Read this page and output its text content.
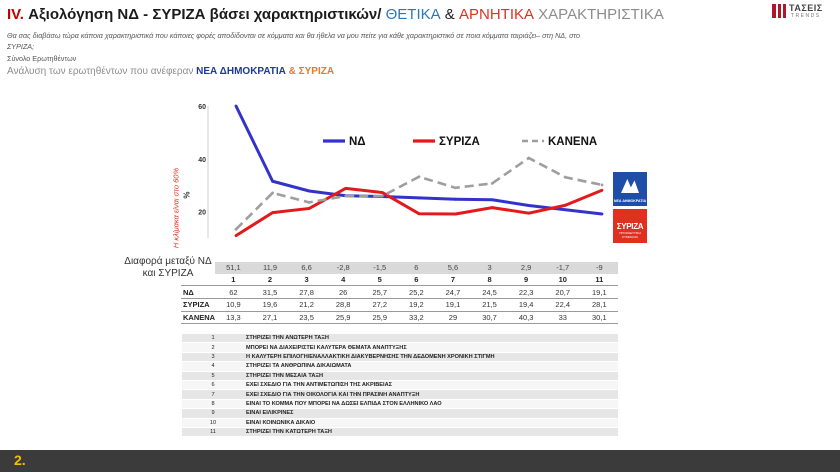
IV. Αξιολόγηση ΝΔ - ΣΥΡΙΖΑ βάσει χαρακτηριστικών/ ΘΕΤΙΚΑ & ΑΡΝΗΤΙΚΑ ΧΑΡΑΚΤΗΡΙΣΤΙΚΑ	ΤΑΣΕΙΣ
TRENDS
Θα σας διαβάσω τώρα κάποια χαρακτηριστικά που κάποιες φορές αποδίδονται σε κόμματα και θα ήθελα να μου πείτε για κάθε χαρακτηριστικό σε ποια κόμματα ταιριάζει– στη ΝΔ, στο ΣΥΡΙΖΑ;
Σύνολο Ερωτηθέντων
Ανάλυση των ερωτηθέντων που ανέφεραν ΝΕΑ ΔΗΜΟΚΡΑΤΙΑ & ΣΥΡΙΖΑ
Η κλίμακα είναι στο 60% %
20
40
60
ΝΔ	ΣΥΡΙΖΑ	ΚΑΝΕΝΑ
ΝΕΑ ΔΗΜΟΚΡΑΤΙΑ
ΣΥΡΙΖΑ
ΠΡΟΟΔΕΥΤΙΚΗ ΣΥΜΜΑΧΙΑ
Διαφορά μεταξύ ΝΔ και ΣΥΡΙΖΑ
	51,1	11,9	6,6	-2,8	-1,5	6	5,6	3	2,9	-1,7	-9
	1	2	3	4	5	6	7	8	9	10	11
ΝΔ	62	31,5	27,8	26	25,7	25,2	24,7	24,5	22,3	20,7	19,1
ΣΥΡΙΖΑ	10,9	19,6	21,2	28,8	27,2	19,2	19,1	21,5	19,4	22,4	28,1
ΚΑΝΕΝΑ	13,3	27,1	23,5	25,9	25,9	33,2	29	30,7	40,3	33	30,1
1	ΣΤΗΡΙΖΕΙ ΤΗΝ ΑΝΩΤΕΡΗ ΤΑΞΗ
2	ΜΠΟΡΕΙ ΝΑ ΔΙΑΧΕΙΡΙΣΤΕΙ ΚΑΛΥΤΕΡΑ ΘΕΜΑΤΑ ΑΝΑΠΤΥΞΗΣ
3	Η ΚΑΛΥΤΕΡΗ ΕΠΙΛΟΓΗ/ΕΝΑΛΛΑΚΤΙΚΗ ΔΙΑΚΥΒΕΡΝΗΣΗΣ ΤΗΝ ΔΕΔΟΜΕΝΗ ΧΡΟΝΙΚΗ ΣΤΙΓΜΗ
4	ΣΤΗΡΙΖΕΙ ΤΑ ΑΝΘΡΩΠΙΝΑ ΔΙΚΑΙΩΜΑΤΑ
5	ΣΤΗΡΙΖΕΙ ΤΗΝ ΜΕΣΑΙΑ ΤΑΞΗ
6	ΕΧΕΙ ΣΧΕΔΙΟ ΓΙΑ ΤΗΝ ΑΝΤΙΜΕΤΩΠΙΣΗ ΤΗΣ ΑΚΡΙΒΕΙΑΣ
7	ΕΧΕΙ ΣΧΕΔΙΟ ΓΙΑ ΤΗΝ ΟΙΚΟΛΟΓΙΑ ΚΑΙ ΤΗΝ ΠΡΑΣΙΝΗ ΑΝΑΠΤΥΞΗ
8	ΕΙΝΑΙ ΤΟ ΚΟΜΜΑ ΠΟΥ ΜΠΟΡΕΙ ΝΑ ΔΩΣΕΙ ΕΛΠΙΔΑ ΣΤΟΝ ΕΛΛΗΝΙΚΟ ΛΑΟ
9	ΕΙΝΑΙ ΕΙΛΙΚΡΙΝΕΣ
10	ΕΙΝΑΙ ΚΟΙΝΩΝΙΚΑ ΔΙΚΑΙΟ
11	ΣΤΗΡΙΖΕΙ ΤΗΝ ΚΑΤΩΤΕΡΗ ΤΑΞΗ
2.
